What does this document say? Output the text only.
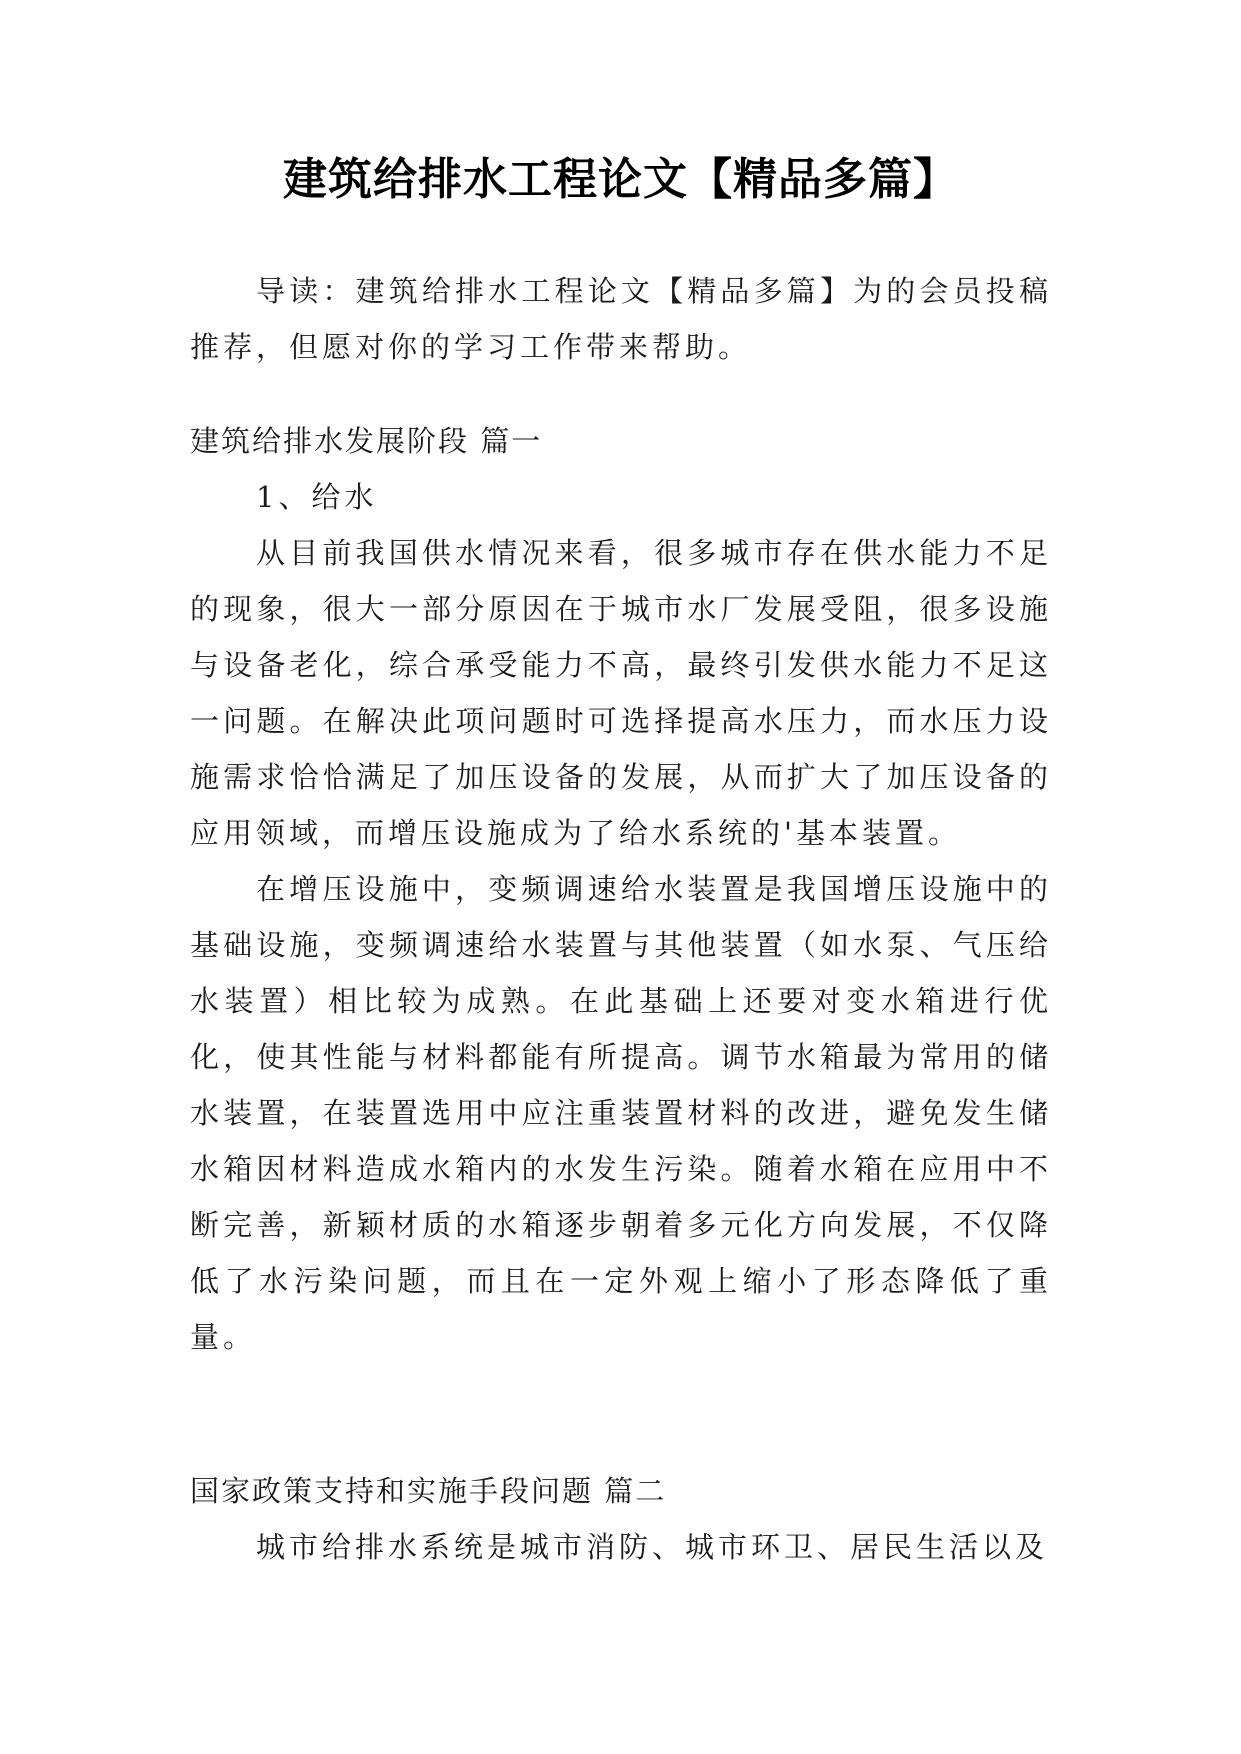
建筑给排水工程论文【精品多篇】

导读：建筑给排水工程论文【精品多篇】为的会员投稿推荐，但愿对你的学习工作带来帮助。

建筑给排水发展阶段 篇一

1、给水

从目前我国供水情况来看，很多城市存在供水能力不足的现象，很大一部分原因在于城市水厂发展受阻，很多设施与设备老化，综合承受能力不高，最终引发供水能力不足这一问题。在解决此项问题时可选择提高水压力，而水压力设施需求恰恰满足了加压设备的发展，从而扩大了加压设备的应用领域，而增压设施成为了给水系统的'基本装置。

在增压设施中，变频调速给水装置是我国增压设施中的基础设施，变频调速给水装置与其他装置（如水泵、气压给水装置）相比较为成熟。在此基础上还要对变水箱进行优化，使其性能与材料都能有所提高。调节水箱最为常用的储水装置，在装置选用中应注重装置材料的改进，避免发生储水箱因材料造成水箱内的水发生污染。随着水箱在应用中不断完善，新颖材质的水箱逐步朝着多元化方向发展，不仅降低了水污染问题，而且在一定外观上缩小了形态降低了重量。

国家政策支持和实施手段问题 篇二

城市给排水系统是城市消防、城市环卫、居民生活以及
